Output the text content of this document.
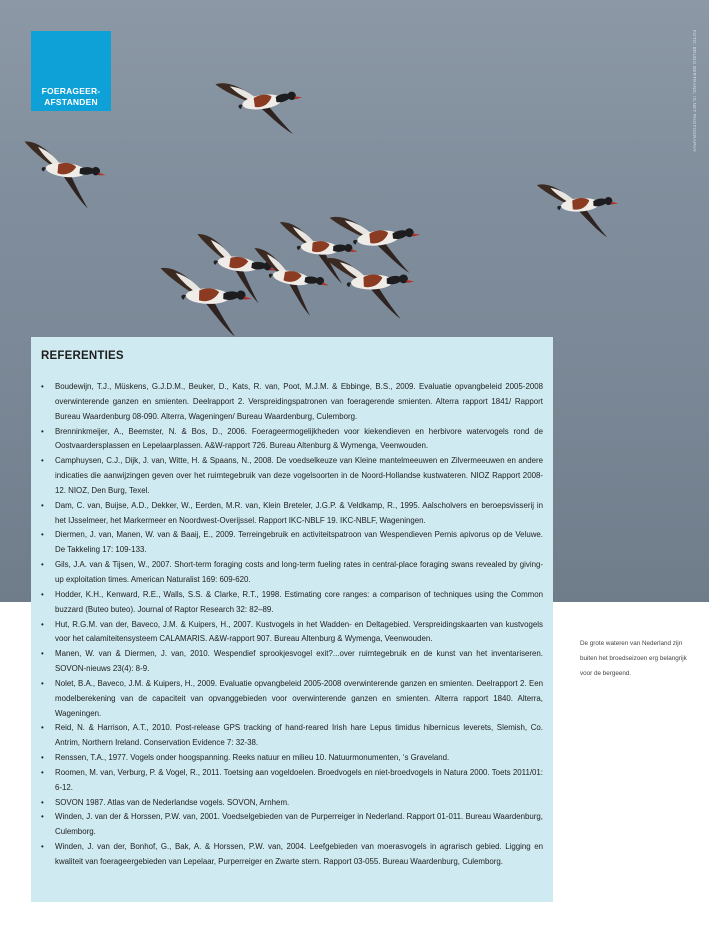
FOERAGEER-
AFSTANDEN	FOTO: BRUNO BERTRAND, IS.NET PHOTOGRAPHY
REFERENTIES
• Boudewijn, T.J., Müskens, G.J.D.M., Beuker, D., Kats, R. van, Poot, M.J.M. & Ebbinge, B.S., 2009. Evaluatie opvangbeleid 2005-2008 overwinterende ganzen en smienten. Deelrapport 2. Verspreidingspatronen van foeragerende smienten. Alterra rapport 1841/ Rapport Bureau Waardenburg 08-090. Alterra, Wageningen/ Bureau Waardenburg, Culemborg.
• Brenninkmeijer, A., Beemster, N. & Bos, D., 2006. Foerageermogelijkheden voor kiekendieven en herbivore watervogels rond de Oostvaardersplassen en Lepelaarplassen. A&W-rapport 726. Bureau Altenburg & Wymenga, Veenwouden.
• Camphuysen, C.J., Dijk, J. van, Witte, H. & Spaans, N., 2008. De voedselkeuze van Kleine mantelmeeuwen en Zilvermeeuwen en andere indicaties die aanwijzingen geven over het ruimtegebruik van deze vogelsoorten in de Noord-Hollandse kustwateren. NIOZ Rapport 2008-12. NIOZ, Den Burg, Texel.
• Dam, C. van, Buijse, A.D., Dekker, W., Eerden, M.R. van, Klein Breteler, J.G.P. & Veldkamp, R., 1995. Aalscholvers en beroepsvisserij in het IJsselmeer, het Markermeer en Noordwest-Overijssel. Rapport IKC-NBLF 19. IKC-NBLF, Wageningen.
• Diermen, J. van, Manen, W. van & Baaij, E., 2009. Terreingebruik en activiteitspatroon van Wespendieven Pernis apivorus op de Veluwe. De Takkeling 17: 109-133.
• Gils, J.A. van & Tijsen, W., 2007. Short-term foraging costs and long-term fueling rates in central-place foraging swans revealed by giving-up exploitation times. American Naturalist 169: 609-620.
• Hodder, K.H., Kenward, R.E., Walls, S.S. & Clarke, R.T., 1998. Estimating core ranges: a comparison of techniques using the Common buzzard (Buteo buteo). Journal of Raptor Research 32: 82–89.
• Hut, R.G.M. van der, Baveco, J.M. & Kuipers, H., 2007. Kustvogels in het Wadden- en Deltagebied. Verspreidingskaarten van kustvogels voor het calamiteitensysteem CALAMARIS. A&W-rapport 907. Bureau Altenburg & Wymenga, Veenwouden.
• Manen, W. van & Diermen, J. van, 2010. Wespendief sprookjesvogel exit?...over ruimtegebruik en de kunst van het inventariseren. SOVON-nieuws 23(4): 8-9.
• Nolet, B.A., Baveco, J.M. & Kuipers, H., 2009. Evaluatie opvangbeleid 2005-2008 overwinterende ganzen en smienten. Deelrapport 2. Een modelberekening van de capaciteit van opvanggebieden voor overwinterende ganzen en smienten. Alterra rapport 1840. Alterra, Wageningen.
• Reid, N. & Harrison, A.T., 2010. Post-release GPS tracking of hand-reared Irish hare Lepus timidus hibernicus leverets, Slemish, Co. Antrim, Northern Ireland. Conservation Evidence 7: 32-38.
• Renssen, T.A., 1977. Vogels onder hoogspanning. Reeks natuur en milieu 10. Natuurmonumenten, ‘s Graveland.
• Roomen, M. van, Verburg, P. & Vogel, R., 2011. Toetsing aan vogeldoelen. Broedvogels en niet-broedvogels in Natura 2000. Toets 2011/01: 6-12.
• SOVON 1987. Atlas van de Nederlandse vogels. SOVON, Arnhem.
• Winden, J. van der & Horssen, P.W. van, 2001. Voedselgebieden van de Purperreiger in Nederland. Rapport 01-011. Bureau Waardenburg, Culemborg.
• Winden, J. van der, Bonhof, G., Bak, A. & Horssen, P.W. van, 2004. Leefgebieden van moerasvogels in agrarisch gebied. Ligging en kwaliteit van foerageergebieden van Lepelaar, Purperreiger en Zwarte stern. Rapport 03-055. Bureau Waardenburg, Culemborg.
De grote wateren van Nederland zijn buiten het broedseizoen erg belangrijk voor de bergeend.
